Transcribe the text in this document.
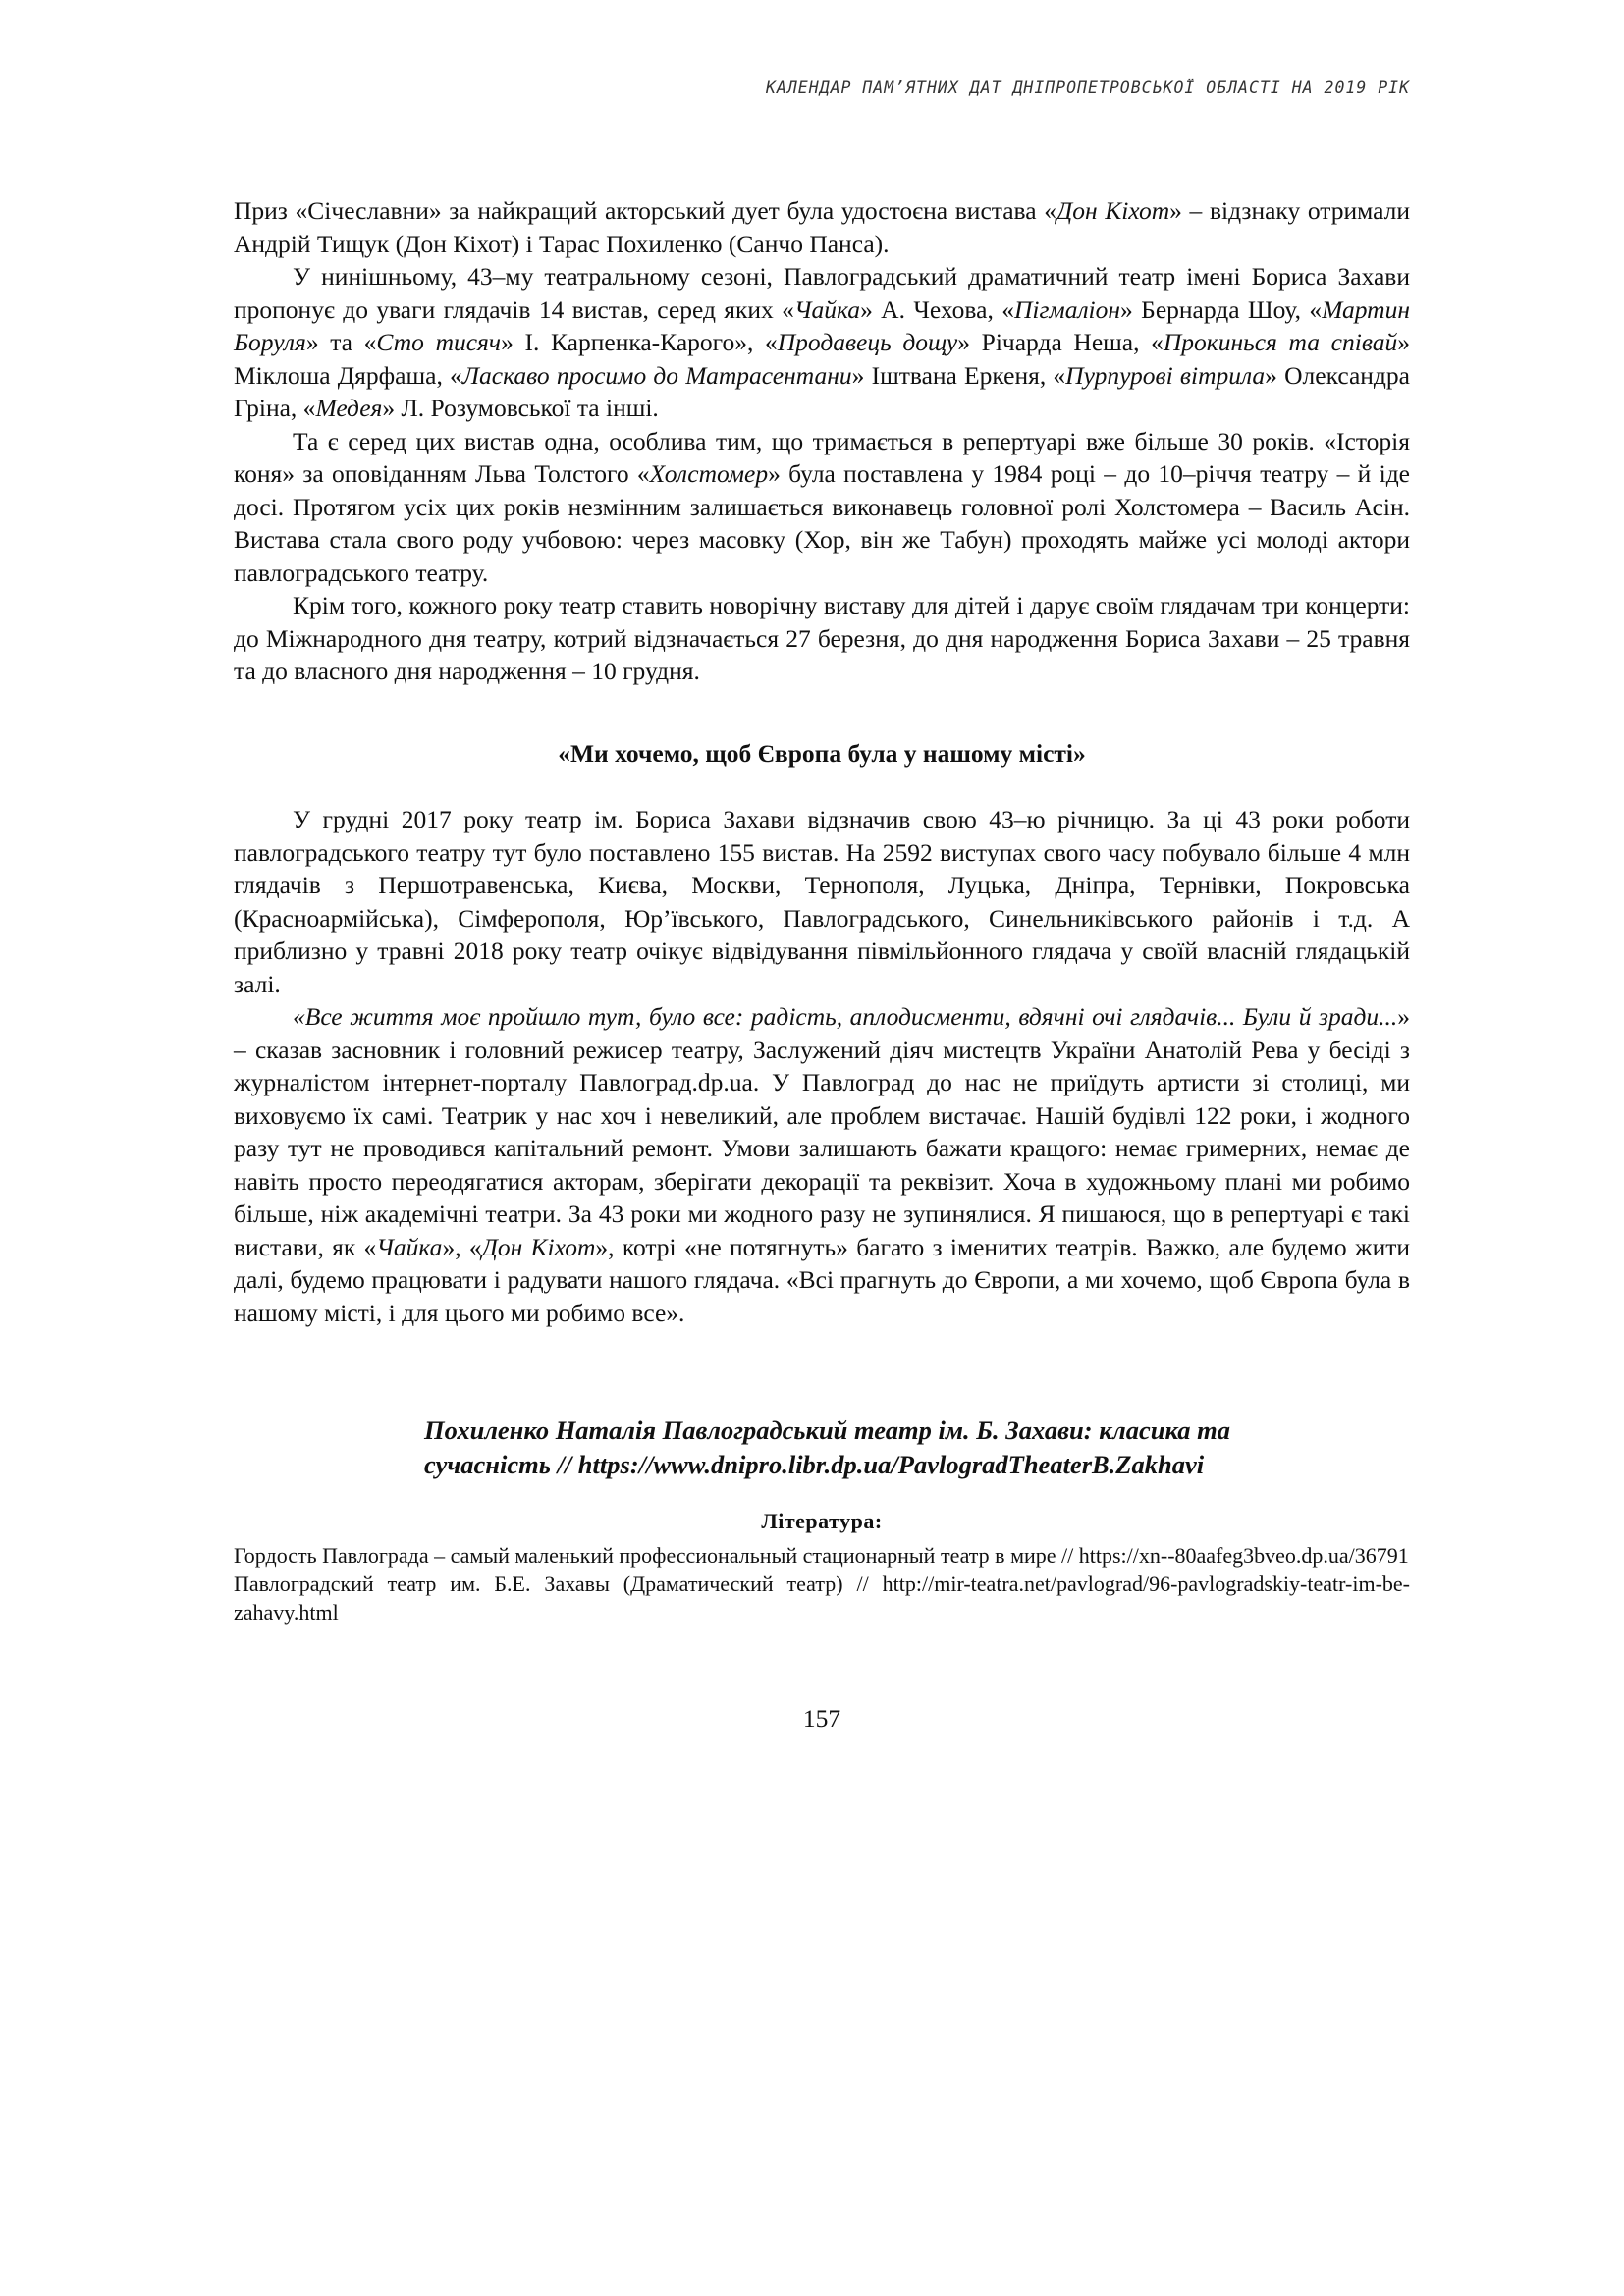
КАЛЕНДАР ПАМ’ЯТНИХ ДАТ ДНІПРОПЕТРОВСЬКОЇ ОБЛАСТІ НА 2019 РІК

Приз «Січеславни» за найкращий акторський дует була удостоєна вистава «Дон Кіхот» – відзнаку отримали Андрій Тищук (Дон Кіхот) і Тарас Похиленко (Санчо Панса).

У нинішньому, 43–му театральному сезоні, Павлоградський драматичний театр імені Бориса Захави пропонує до уваги глядачів 14 вистав, серед яких «Чайка» А. Чехова, «Пігмаліон» Бернарда Шоу, «Мартин Боруля» та «Сто тисяч» І. Карпенка-Карого», «Продавець дощу» Річарда Неша, «Прокинься та співай» Міклоша Дярфаша, «Ласкаво просимо до Матрасентани» Іштвана Еркеня, «Пурпурові вітрила» Олександра Гріна, «Медея» Л. Розумовської та інші.

Та є серед цих вистав одна, особлива тим, що тримається в репертуарі вже більше 30 років. «Історія коня» за оповіданням Льва Толстого «Холстомер» була поставлена у 1984 році – до 10–річчя театру – й іде досі. Протягом усіх цих років незмінним залишається виконавець головної ролі Холстомера – Василь Асін. Вистава стала свого роду учбовою: через масовку (Хор, він же Табун) проходять майже усі молоді актори павлоградського театру.

Крім того, кожного року театр ставить новорічну виставу для дітей і дарує своїм глядачам три концерти: до Міжнародного дня театру, котрий відзначається 27 березня, до дня народження Бориса Захави – 25 травня та до власного дня народження – 10 грудня.

«Ми хочемо, щоб Європа була у нашому місті»

У грудні 2017 року театр ім. Бориса Захави відзначив свою 43–ю річницю. За ці 43 роки роботи павлоградського театру тут було поставлено 155 вистав. На 2592 виступах свого часу побувало більше 4 млн глядачів з Першотравенська, Києва, Москви, Тернополя, Луцька, Дніпра, Тернівки, Покровська (Красноармійська), Сімферополя, Юр’ївського, Павлоградського, Синельниківського районів і т.д. А приблизно у травні 2018 року театр очікує відвідування півмільйонного глядача у своїй власній глядацькій залі.

«Все життя моє пройшло тут, було все: радість, аплодисменти, вдячні очі глядачів... Були й зради...» – сказав засновник і головний режисер театру, Заслужений діяч мистецтв України Анатолій Рева у бесіді з журналістом інтернет-порталу Павлоград.dp.ua. У Павлоград до нас не приїдуть артисти зі столиці, ми виховуємо їх самі. Театрик у нас хоч і невеликий, але проблем вистачає. Нашій будівлі 122 роки, і жодного разу тут не проводився капітальний ремонт. Умови залишають бажати кращого: немає гримерних, немає де навіть просто переодягатися акторам, зберігати декорації та реквізит. Хоча в художньому плані ми робимо більше, ніж академічні театри. За 43 роки ми жодного разу не зупинялися. Я пишаюся, що в репертуарі є такі вистави, як «Чайка», «Дон Кіхот», котрі «не потягнуть» багато з іменитих театрів. Важко, але будемо жити далі, будемо працювати і радувати нашого глядача. «Всі прагнуть до Європи, а ми хочемо, щоб Європа була в нашому місті, і для цього ми робимо все».

Похиленко Наталія Павлоградський театр ім. Б. Захави: класика та
сучасність // https://www.dnipro.libr.dp.ua/PavlogradTheaterB.Zakhavi
Література:

Гордость Павлограда – самый маленький профессиональный стационарный театр в мире // https://xn--80aafeg3bveo.dp.ua/36791

Павлоградский театр им. Б.Е. Захавы (Драматический театр) // http://mir-teatra.net/pavlograd/96-pavlogradskiy-teatr-im-be-zahavy.html

157
